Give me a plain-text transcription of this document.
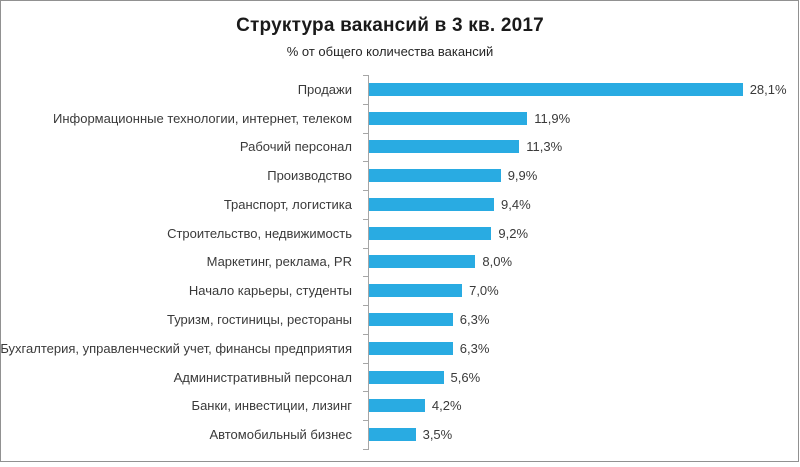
Структура вакансий в 3 кв. 2017
% от общего количества вакансий
Продажи	28,1%
Информационные технологии, интернет, телеком	11,9%
Рабочий персонал	11,3%
Производство	9,9%
Транспорт, логистика	9,4%
Строительство, недвижимость	9,2%
Маркетинг, реклама, PR	8,0%
Начало карьеры, студенты	7,0%
Туризм, гостиницы, рестораны	6,3%
Бухгалтерия, управленческий учет, финансы предприятия	6,3%
Административный персонал	5,6%
Банки, инвестиции, лизинг	4,2%
Автомобильный бизнес	3,5%
